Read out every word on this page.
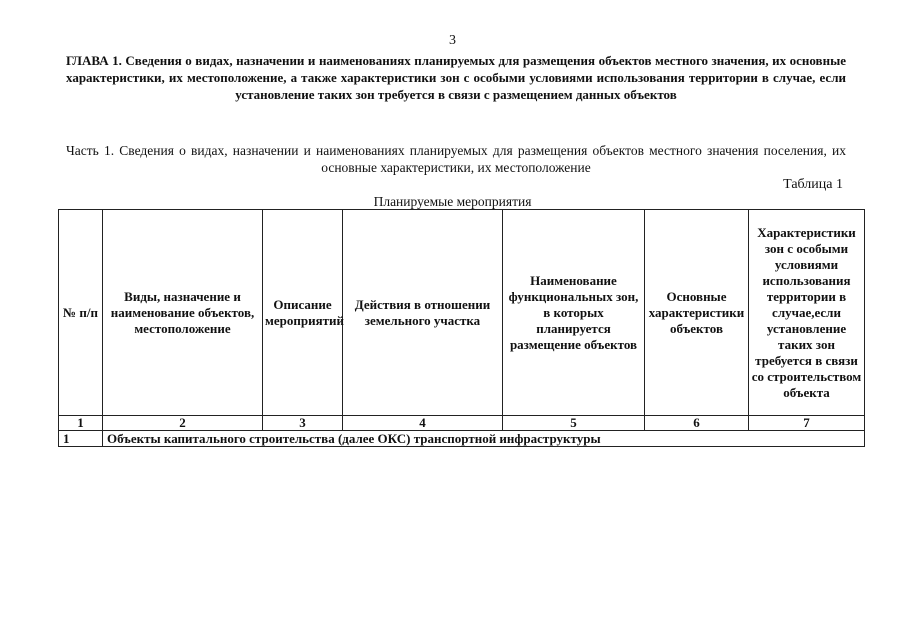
3
ГЛАВА 1. Сведения о видах, назначении и наименованиях планируемых для размещения объектов местного значения, их основные характеристики, их местоположение, а также характеристики зон с особыми условиями использования территории в случае, если установление таких зон требуется в связи с размещением данных объектов
Часть 1. Сведения о видах, назначении и наименованиях планируемых для размещения объектов местного значения поселения, их основные характеристики, их местоположение
Таблица 1
Планируемые мероприятия
№ п/п	Виды, назначение и наименование объектов, местоположение	Описание мероприятий	Действия в отношении земельного участка	Наименование функциональных зон, в которых планируется размещение объектов	Основные характеристики объектов	Характеристики зон с особыми условиями использования территории в случае,если установление таких зон требуется в связи со строительством объекта
1	2	3	4	5	6	7
1	Объекты капитального строительства (далее ОКС) транспортной инфраструктуры					
